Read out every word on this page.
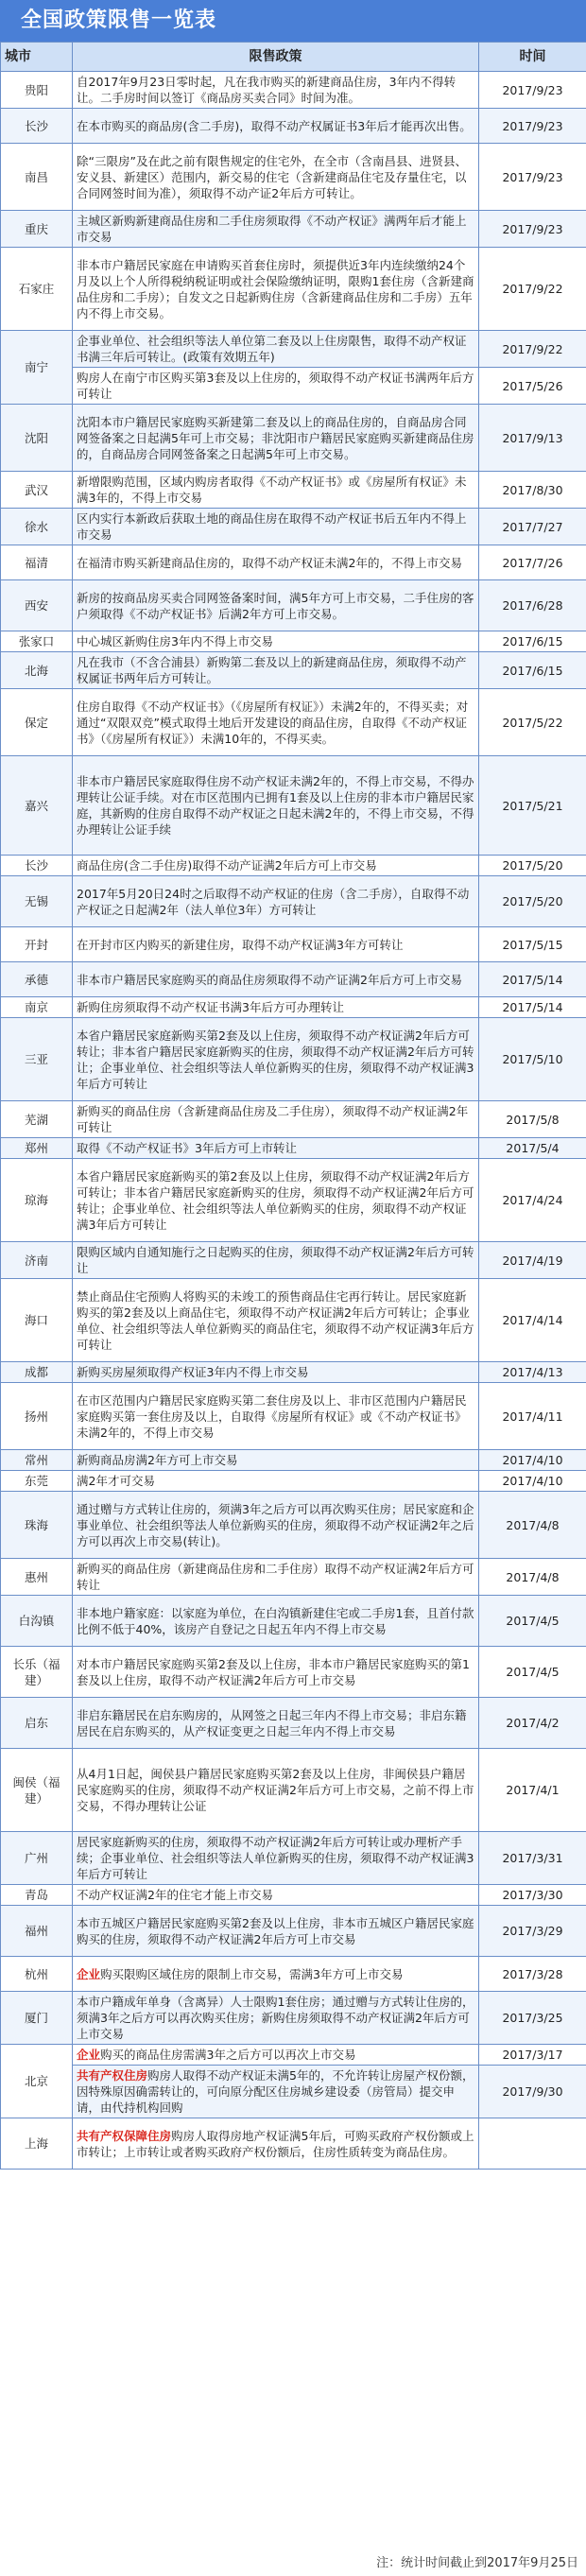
全国政策限售一览表
城市	限售政策	时间
贵阳	自2017年9月23日零时起，凡在我市购买的新建商品住房，3年内不得转让。二手房时间以签订《商品房买卖合同》时间为准。	2017/9/23
长沙	在本市购买的商品房(含二手房)，取得不动产权属证书3年后才能再次出售。	2017/9/23
南昌	除“三限房”及在此之前有限售规定的住宅外，在全市（含南昌县、进贤县、安义县、新建区）范围内，新交易的住宅（含新建商品住宅及存量住宅，以合同网签时间为准），须取得不动产证2年后方可转让。	2017/9/23
重庆	主城区新购新建商品住房和二手住房须取得《不动产权证》满两年后才能上市交易	2017/9/23
石家庄	非本市户籍居民家庭在申请购买首套住房时，须提供近3年内连续缴纳24个月及以上个人所得税纳税证明或社会保险缴纳证明，限购1套住房（含新建商品住房和二手房）；自发文之日起新购住房（含新建商品住房和二手房）五年内不得上市交易。	2017/9/22
南宁	企事业单位、社会组织等法人单位第二套及以上住房限售，取得不动产权证书满三年后可转让。(政策有效期五年)	2017/9/22
	购房人在南宁市区购买第3套及以上住房的，须取得不动产权证书满两年后方可转让	2017/5/26
沈阳	沈阳本市户籍居民家庭购买新建第二套及以上的商品住房的，自商品房合同网签备案之日起满5年可上市交易；非沈阳市户籍居民家庭购买新建商品住房的，自商品房合同网签备案之日起满5年可上市交易。	2017/9/13
武汉	新增限购范围，区域内购房者取得《不动产权证书》或《房屋所有权证》未满3年的，不得上市交易	2017/8/30
徐水	区内实行本新政后获取土地的商品住房在取得不动产权证书后五年内不得上市交易	2017/7/27
福清	在福清市购买新建商品住房的，取得不动产权证未满2年的，不得上市交易	2017/7/26
西安	新房的按商品房买卖合同网签备案时间，满5年方可上市交易，二手住房的客户须取得《不动产权证书》后满2年方可上市交易。	2017/6/28
张家口	中心城区新购住房3年内不得上市交易	2017/6/15
北海	凡在我市（不含合浦县）新购第二套及以上的新建商品住房，须取得不动产权属证书两年后方可转让。	2017/6/15
保定	住房自取得《不动产权证书》（《房屋所有权证》）未满2年的，不得买卖；对通过“双限双竞”模式取得土地后开发建设的商品住房，自取得《不动产权证书》（《房屋所有权证》）未满10年的，不得买卖。	2017/5/22
嘉兴	非本市户籍居民家庭取得住房不动产权证未满2年的，不得上市交易，不得办理转让公证手续。对在市区范围内已拥有1套及以上住房的非本市户籍居民家庭，其新购的住房自取得不动产权证之日起未满2年的，不得上市交易，不得办理转让公证手续	2017/5/21
长沙	商品住房(含二手住房)取得不动产证满2年后方可上市交易	2017/5/20
无锡	2017年5月20日24时之后取得不动产权证的住房（含二手房），自取得不动产权证之日起满2年（法人单位3年）方可转让	2017/5/20
开封	在开封市区内购买的新建住房，取得不动产权证满3年方可转让	2017/5/15
承德	非本市户籍居民家庭购买的商品住房须取得不动产证满2年后方可上市交易	2017/5/14
南京	新购住房须取得不动产权证书满3年后方可办理转让	2017/5/14
三亚	本省户籍居民家庭新购买第2套及以上住房，须取得不动产权证满2年后方可转让；非本省户籍居民家庭新购买的住房，须取得不动产权证满2年后方可转让；企事业单位、社会组织等法人单位新购买的住房，须取得不动产权证满3年后方可转让	2017/5/10
芜湖	新购买的商品住房（含新建商品住房及二手住房），须取得不动产权证满2年可转让	2017/5/8
郑州	取得《不动产权证书》3年后方可上市转让	2017/5/4
琼海	本省户籍居民家庭新购买的第2套及以上住房，须取得不动产权证满2年后方可转让；非本省户籍居民家庭新购买的住房，须取得不动产权证满2年后方可转让；企事业单位、社会组织等法人单位新购买的住房，须取得不动产权证满3年后方可转让	2017/4/24
济南	限购区域内自通知施行之日起购买的住房，须取得不动产权证满2年后方可转让	2017/4/19
海口	禁止商品住宅预购人将购买的未竣工的预售商品住宅再行转让。居民家庭新购买的第2套及以上商品住宅，须取得不动产权证满2年后方可转让；企事业单位、社会组织等法人单位新购买的商品住宅，须取得不动产权证满3年后方可转让	2017/4/14
成都	新购买房屋须取得产权证3年内不得上市交易	2017/4/13
扬州	在市区范围内户籍居民家庭购买第二套住房及以上、非市区范围内户籍居民家庭购买第一套住房及以上，自取得《房屋所有权证》或《不动产权证书》未满2年的，不得上市交易	2017/4/11
常州	新购商品房满2年方可上市交易	2017/4/10
东莞	满2年才可交易	2017/4/10
珠海	通过赠与方式转让住房的，须满3年之后方可以再次购买住房；居民家庭和企事业单位、社会组织等法人单位新购买的住房，须取得不动产权证满2年之后方可以再次上市交易(转让)。	2017/4/8
惠州	新购买的商品住房（新建商品住房和二手住房）取得不动产权证满2年后方可转让	2017/4/8
白沟镇	非本地户籍家庭：以家庭为单位，在白沟镇新建住宅或二手房1套，且首付款比例不低于40%，该房产自登记之日起五年内不得上市交易	2017/4/5
长乐（福建）	对本市户籍居民家庭购买第2套及以上住房，非本市户籍居民家庭购买的第1套及以上住房，取得不动产权证满2年后方可上市交易	2017/4/5
启东	非启东籍居民在启东购房的，从网签之日起三年内不得上市交易；非启东籍居民在启东购买的，从产权证变更之日起三年内不得上市交易	2017/4/2
闽侯（福建）	从4月1日起，闽侯县户籍居民家庭购买第2套及以上住房，非闽侯县户籍居民家庭购买的住房，须取得不动产权证满2年后方可上市交易，之前不得上市交易，不得办理转让公证	2017/4/1
广州	居民家庭新购买的住房，须取得不动产权证满2年后方可转让或办理析产手续；企事业单位、社会组织等法人单位新购买的住房，须取得不动产权证满3年后方可转让	2017/3/31
青岛	不动产权证满2年的住宅才能上市交易	2017/3/30
福州	本市五城区户籍居民家庭购买第2套及以上住房，非本市五城区户籍居民家庭购买的住房，须取得不动产权证满2年后方可上市交易	2017/3/29
杭州	企业购买限购区域住房的限制上市交易，需满3年方可上市交易	2017/3/28
厦门	本市户籍成年单身（含离异）人士限购1套住房；通过赠与方式转让住房的，须满3年之后方可以再次购买住房；新购住房须取得不动产权证满2年后方可上市交易	2017/3/25
北京	企业购买的商品住房需满3年之后方可以再次上市交易	2017/3/17
	共有产权住房购房人取得不动产权证未满5年的，不允许转让房屋产权份额，因特殊原因确需转让的，可向原分配区住房城乡建设委（房管局）提交申请，由代持机构回购	2017/9/30
上海	共有产权保障住房购房人取得房地产权证满5年后，可购买政府产权份额或上市转让；上市转让或者购买政府产权份额后，住房性质转变为商品住房。	
注：统计时间截止到2017年9月25日
